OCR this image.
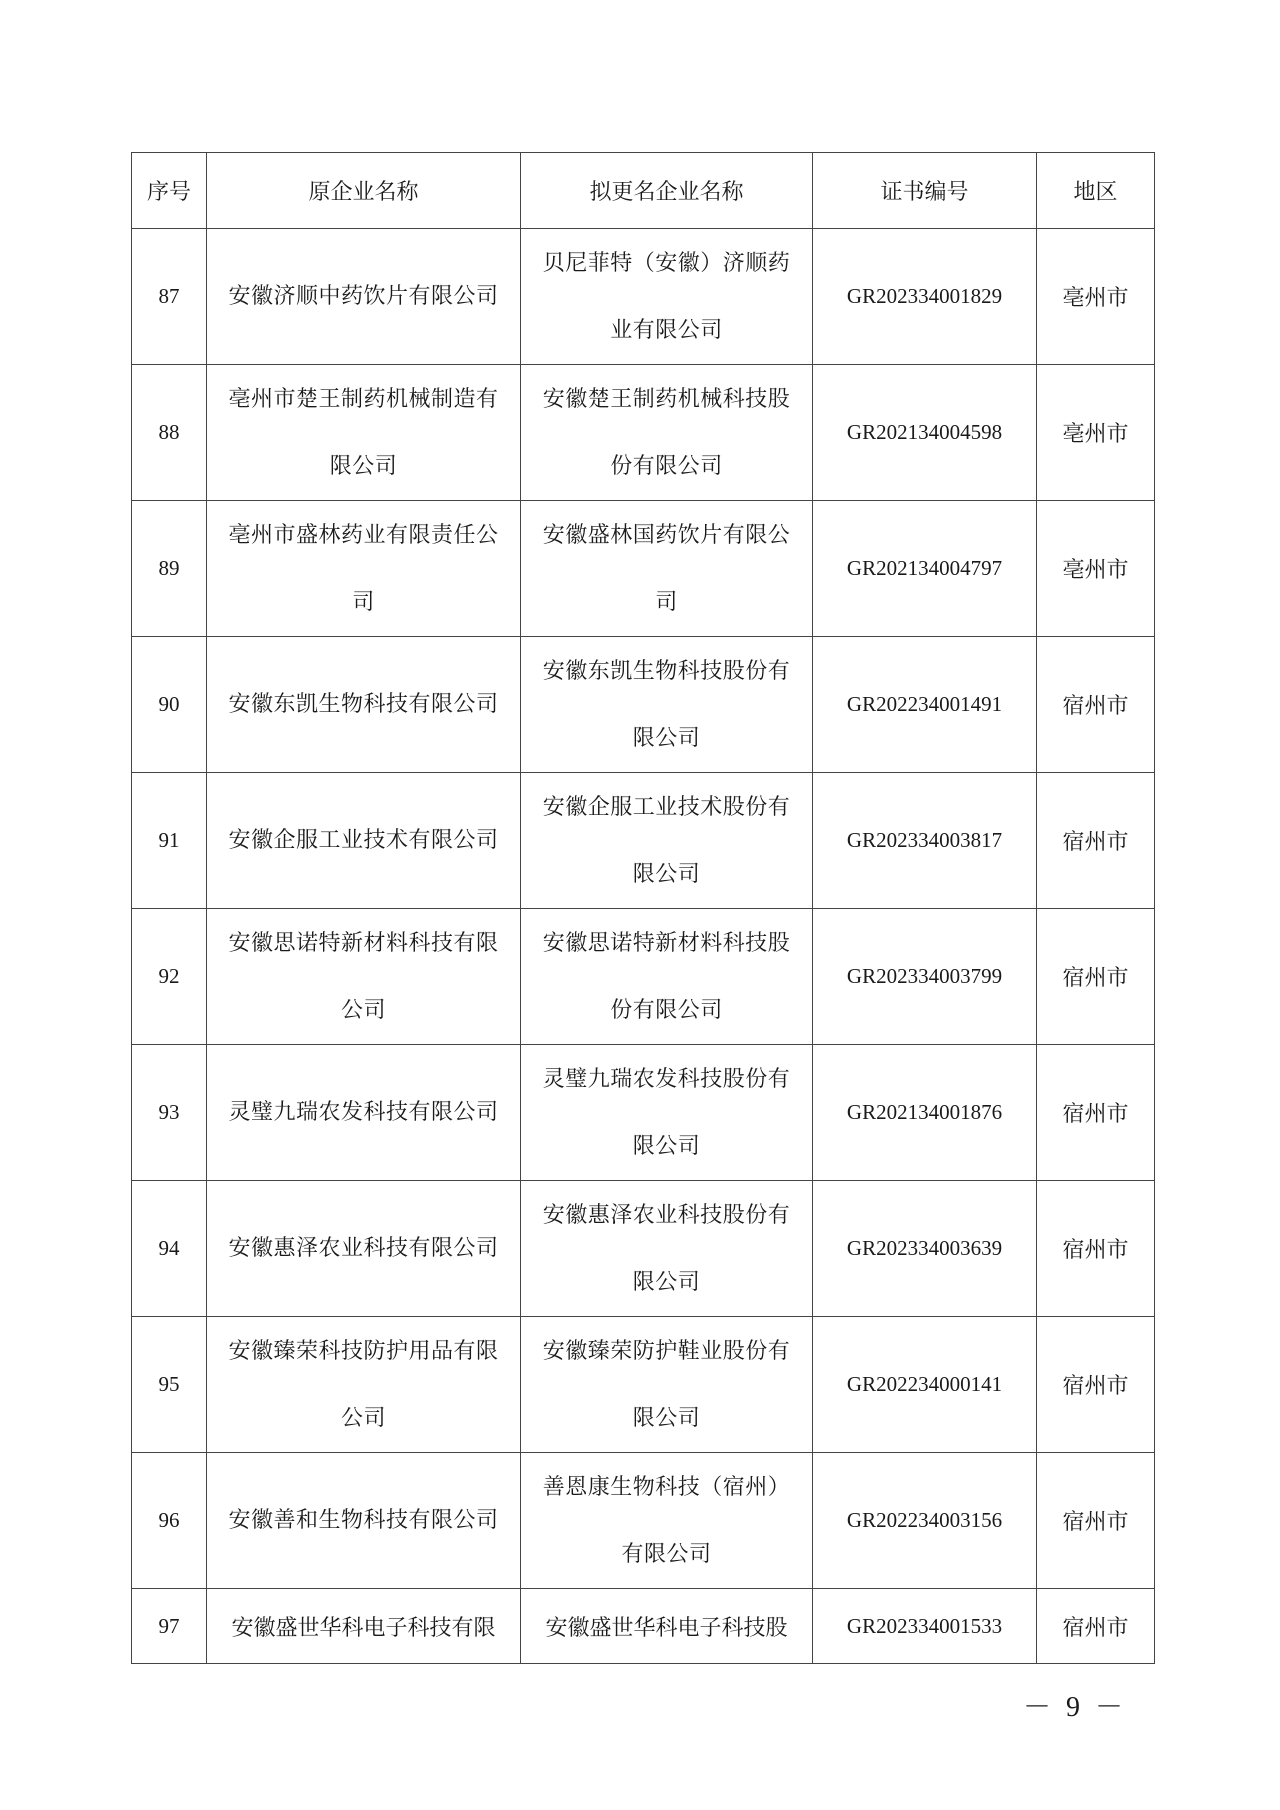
序号	原企业名称	拟更名企业名称	证书编号	地区
87	安徽济顺中药饮片有限公司	贝尼菲特（安徽）济顺药业有限公司	GR202334001829	亳州市
88	亳州市楚王制药机械制造有限公司	安徽楚王制药机械科技股份有限公司	GR202134004598	亳州市
89	亳州市盛林药业有限责任公司	安徽盛林国药饮片有限公司	GR202134004797	亳州市
90	安徽东凯生物科技有限公司	安徽东凯生物科技股份有限公司	GR202234001491	宿州市
91	安徽企服工业技术有限公司	安徽企服工业技术股份有限公司	GR202334003817	宿州市
92	安徽思诺特新材料科技有限公司	安徽思诺特新材料科技股份有限公司	GR202334003799	宿州市
93	灵璧九瑞农发科技有限公司	灵璧九瑞农发科技股份有限公司	GR202134001876	宿州市
94	安徽惠泽农业科技有限公司	安徽惠泽农业科技股份有限公司	GR202334003639	宿州市
95	安徽臻荣科技防护用品有限公司	安徽臻荣防护鞋业股份有限公司	GR202234000141	宿州市
96	安徽善和生物科技有限公司	善恩康生物科技（宿州）有限公司	GR202234003156	宿州市
97	安徽盛世华科电子科技有限	安徽盛世华科电子科技股	GR202334001533	宿州市
－ 9 －
